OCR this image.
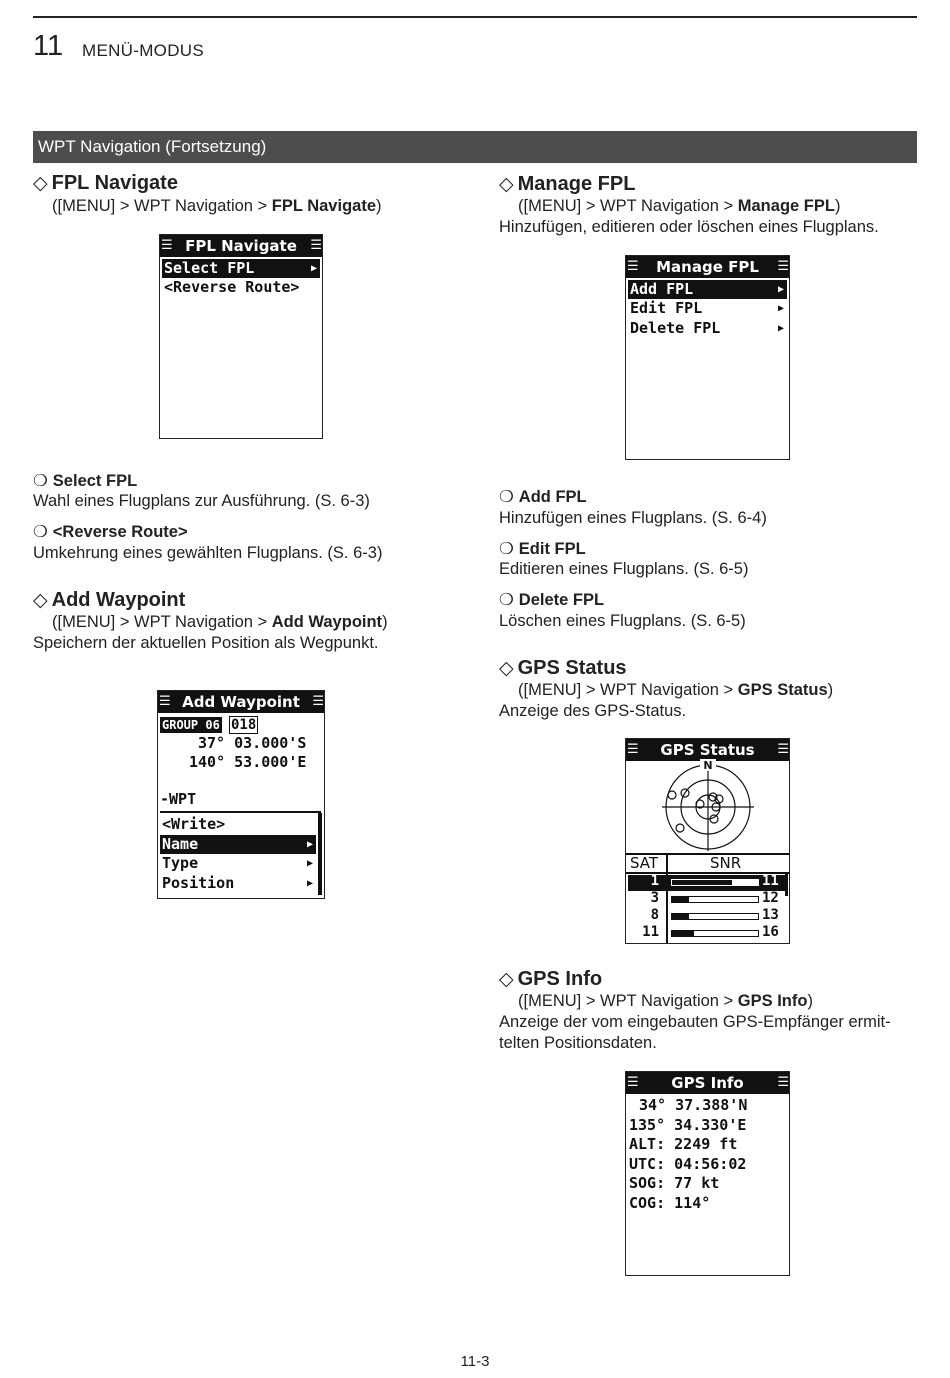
11 MENÜ-MODUS
WPT Navigation (Fortsetzung)
◇ FPL Navigate
([MENU] > WPT Navigation > FPL Navigate)
☰ FPL Navigate ☰
Select FPL	▶
<Reverse Route>
❍ Select FPL
Wahl eines Flugplans zur Ausführung. (S. 6-3)
❍ <Reverse Route>
Umkehrung eines gewählten Flugplans. (S. 6-3)
◇ Add Waypoint
([MENU] > WPT Navigation > Add Waypoint)
Speichern der aktuellen Position als Wegpunkt.
☰ Add Waypoint ☰
GROUP 06 018
37° 03.000'S
140° 53.000'E
-WPT
<Write>
Name	▶
Type	▶
Position	▶
◇ Manage FPL
([MENU] > WPT Navigation > Manage FPL)
Hinzufügen, editieren oder löschen eines Flugplans.
☰ Manage FPL ☰
Add FPL	▶
Edit FPL	▶
Delete FPL	▶
❍ Add FPL
Hinzufügen eines Flugplans. (S. 6-4)
❍ Edit FPL
Editieren eines Flugplans. (S. 6-5)
❍ Delete FPL
Löschen eines Flugplans. (S. 6-5)
◇ GPS Status
([MENU] > WPT Navigation > GPS Status)
Anzeige des GPS-Status.
☰ GPS Status ☰
N
SAT	SNR
1	11
3	12
8	13
11	16
◇ GPS Info
([MENU] > WPT Navigation > GPS Info)
Anzeige der vom eingebauten GPS-Empfänger ermit-
telten Positionsdaten.
☰ GPS Info	☰
34° 37.388'N
135° 34.330'E
ALT: 2249 ft
UTC: 04:56:02
SOG: 77 kt
COG: 114°
11-3
